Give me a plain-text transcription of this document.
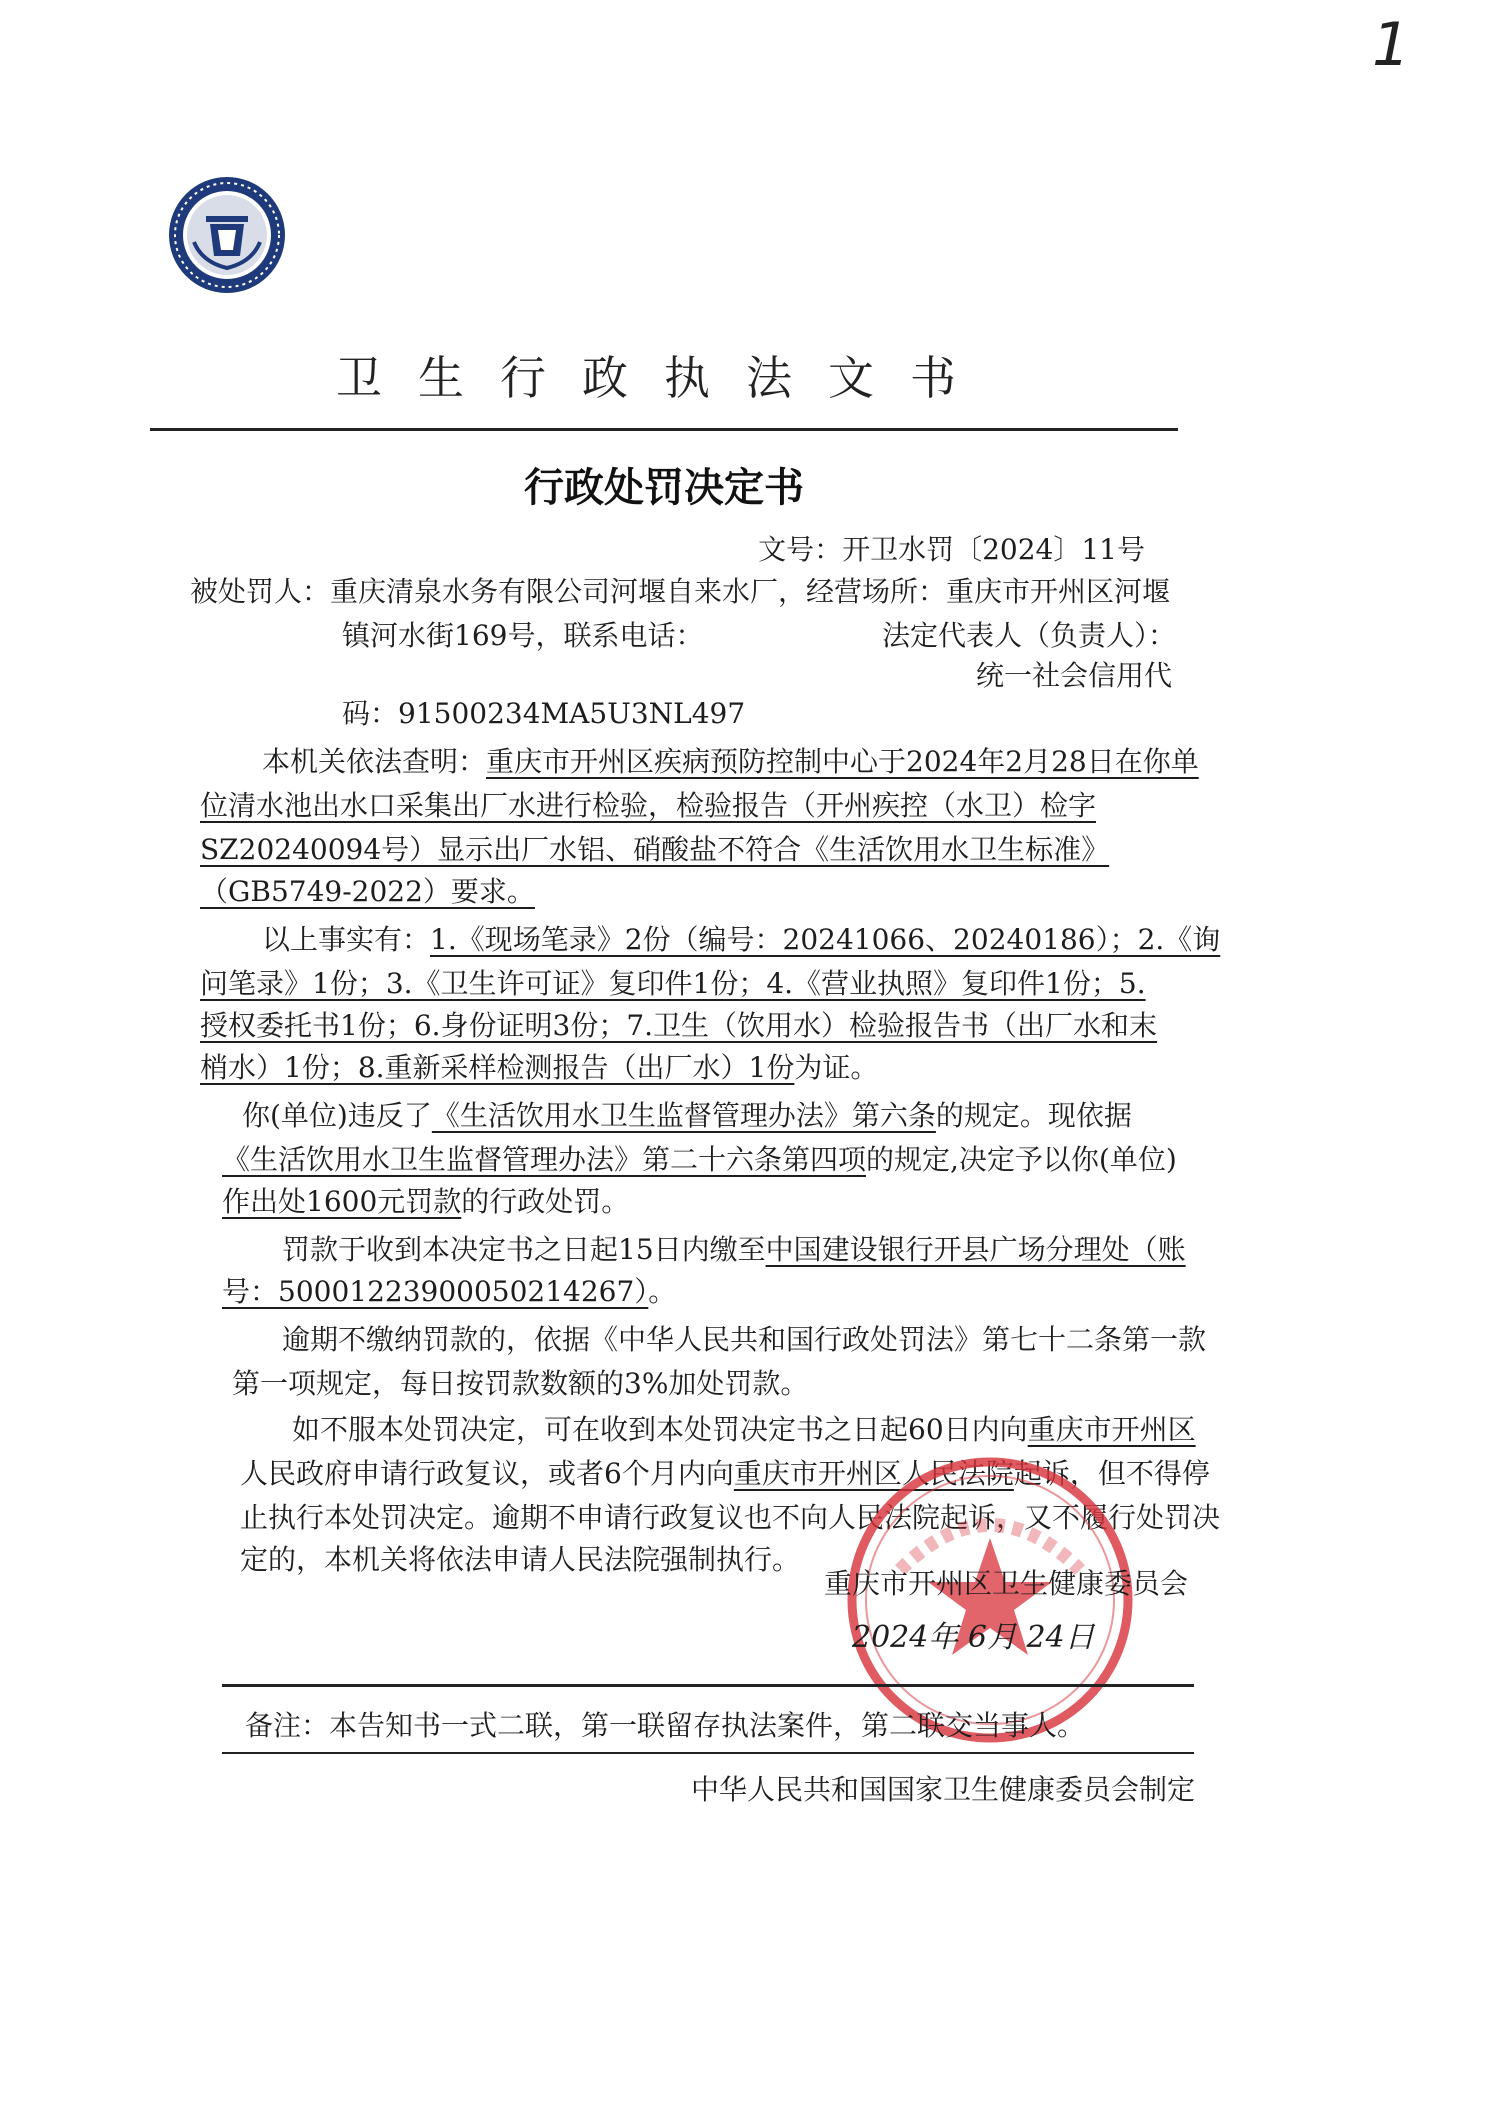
1
卫生行政执法文书
行政处罚决定书
文号：开卫水罚〔2024〕11号
被处罚人：重庆清泉水务有限公司河堰自来水厂，经营场所：重庆市开州区河堰
镇河水街169号，联系电话：	法定代表人（负责人）：
统一社会信用代
码：91500234MA5U3NL497
本机关依法查明：重庆市开州区疾病预防控制中心于2024年2月28日在你单
位清水池出水口采集出厂水进行检验，检验报告（开州疾控（水卫）检字
SZ20240094号）显示出厂水铝、硝酸盐不符合《生活饮用水卫生标准》
（GB5749-2022）要求。
以上事实有：1.《现场笔录》2份（编号：20241066、20240186）；2.《询
问笔录》1份；3.《卫生许可证》复印件1份；4.《营业执照》复印件1份；5.
授权委托书1份；6.身份证明3份；7.卫生（饮用水）检验报告书（出厂水和末
梢水）1份；8.重新采样检测报告（出厂水）1份为证。
你(单位)违反了《生活饮用水卫生监督管理办法》第六条的规定。现依据
《生活饮用水卫生监督管理办法》第二十六条第四项的规定,决定予以你(单位)
作出处1600元罚款的行政处罚。
罚款于收到本决定书之日起15日内缴至中国建设银行开县广场分理处（账
号：50001223900050214267）。
逾期不缴纳罚款的，依据《中华人民共和国行政处罚法》第七十二条第一款
第一项规定，每日按罚款数额的3%加处罚款。
如不服本处罚决定，可在收到本处罚决定书之日起60日内向重庆市开州区
人民政府申请行政复议，或者6个月内向重庆市开州区人民法院起诉，但不得停
止执行本处罚决定。逾期不申请行政复议也不向人民法院起诉，又不履行处罚决
定的，本机关将依法申请人民法院强制执行。
重庆市开州区卫生健康委员会
2024年 6月 24日
备注：本告知书一式二联，第一联留存执法案件，第二联交当事人。
中华人民共和国国家卫生健康委员会制定
